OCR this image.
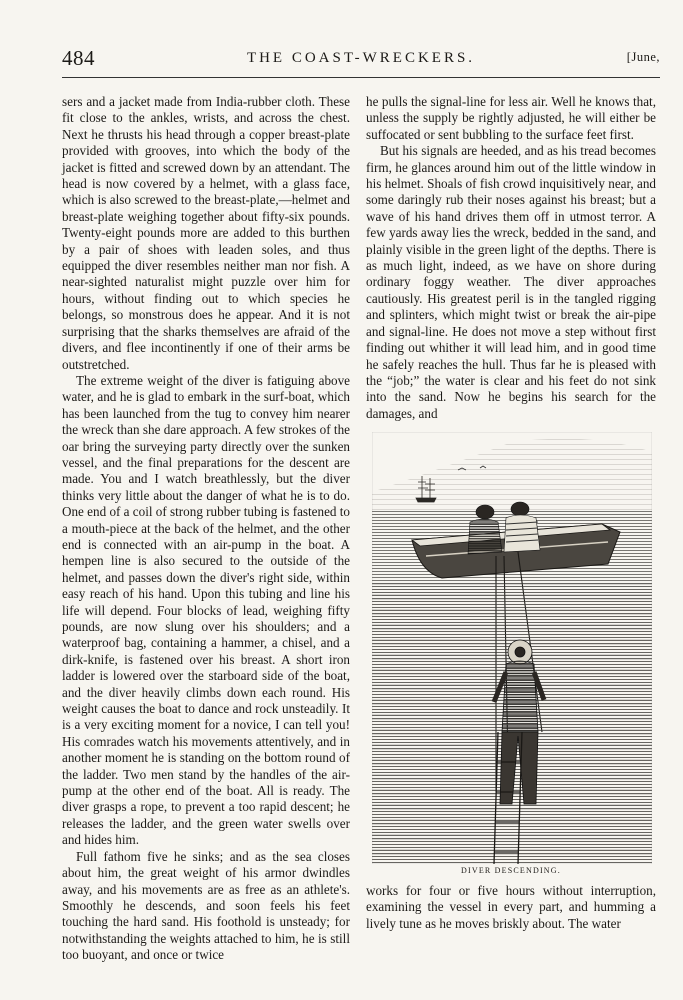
484	THE COAST-WRECKERS.	[June,

sers and a jacket made from India-rubber cloth. These fit close to the ankles, wrists, and across the chest. Next he thrusts his head through a copper breast-plate provided with grooves, into which the body of the jacket is fitted and screwed down by an attendant. The head is now covered by a helmet, with a glass face, which is also screwed to the breast-plate,—helmet and breast-plate weighing together about fifty-six pounds. Twenty-eight pounds more are added to this burthen by a pair of shoes with leaden soles, and thus equipped the diver resembles neither man nor fish. A near-sighted naturalist might puzzle over him for hours, without finding out to which species he belongs, so monstrous does he appear. And it is not surprising that the sharks themselves are afraid of the divers, and flee incontinently if one of their arms be outstretched.

The extreme weight of the diver is fatiguing above water, and he is glad to embark in the surf-boat, which has been launched from the tug to convey him nearer the wreck than she dare approach. A few strokes of the oar bring the surveying party directly over the sunken vessel, and the final preparations for the descent are made. You and I watch breathlessly, but the diver thinks very little about the danger of what he is to do. One end of a coil of strong rubber tubing is fastened to a mouth-piece at the back of the helmet, and the other end is connected with an air-pump in the boat. A hempen line is also secured to the outside of the helmet, and passes down the diver's right side, within easy reach of his hand. Upon this tubing and line his life will depend. Four blocks of lead, weighing fifty pounds, are now slung over his shoulders; and a waterproof bag, containing a hammer, a chisel, and a dirk-knife, is fastened over his breast. A short iron ladder is lowered over the starboard side of the boat, and the diver heavily climbs down each round. His weight causes the boat to dance and rock unsteadily. It is a very exciting moment for a novice, I can tell you! His comrades watch his movements attentively, and in another moment he is standing on the bottom round of the ladder. Two men stand by the handles of the air-pump at the other end of the boat. All is ready. The diver grasps a rope, to prevent a too rapid descent; he releases the ladder, and the green water swells over and hides him.

Full fathom five he sinks; and as the sea closes about him, the great weight of his armor dwindles away, and his movements are as free as an athlete's. Smoothly he descends, and soon feels his feet touching the hard sand. His foothold is unsteady; for notwithstanding the weights attached to him, he is still too buoyant, and once or twice

he pulls the signal-line for less air. Well he knows that, unless the supply be rightly adjusted, he will either be suffocated or sent bubbling to the surface feet first.

But his signals are heeded, and as his tread becomes firm, he glances around him out of the little window in his helmet. Shoals of fish crowd inquisitively near, and some daringly rub their noses against his breast; but a wave of his hand drives them off in utmost terror. A few yards away lies the wreck, bedded in the sand, and plainly visible in the green light of the depths. There is as much light, indeed, as we have on shore during ordinary foggy weather. The diver approaches cautiously. His greatest peril is in the tangled rigging and splinters, which might twist or break the air-pipe and signal-line. He does not move a step without first finding out whither it will lead him, and in good time he safely reaches the hull. Thus far he is pleased with the “job;” the water is clear and his feet do not sink into the sand. Now he begins his search for the damages, and

DIVER DESCENDING.

works for four or five hours without interruption, examining the vessel in every part, and humming a lively tune as he moves briskly about. The water
